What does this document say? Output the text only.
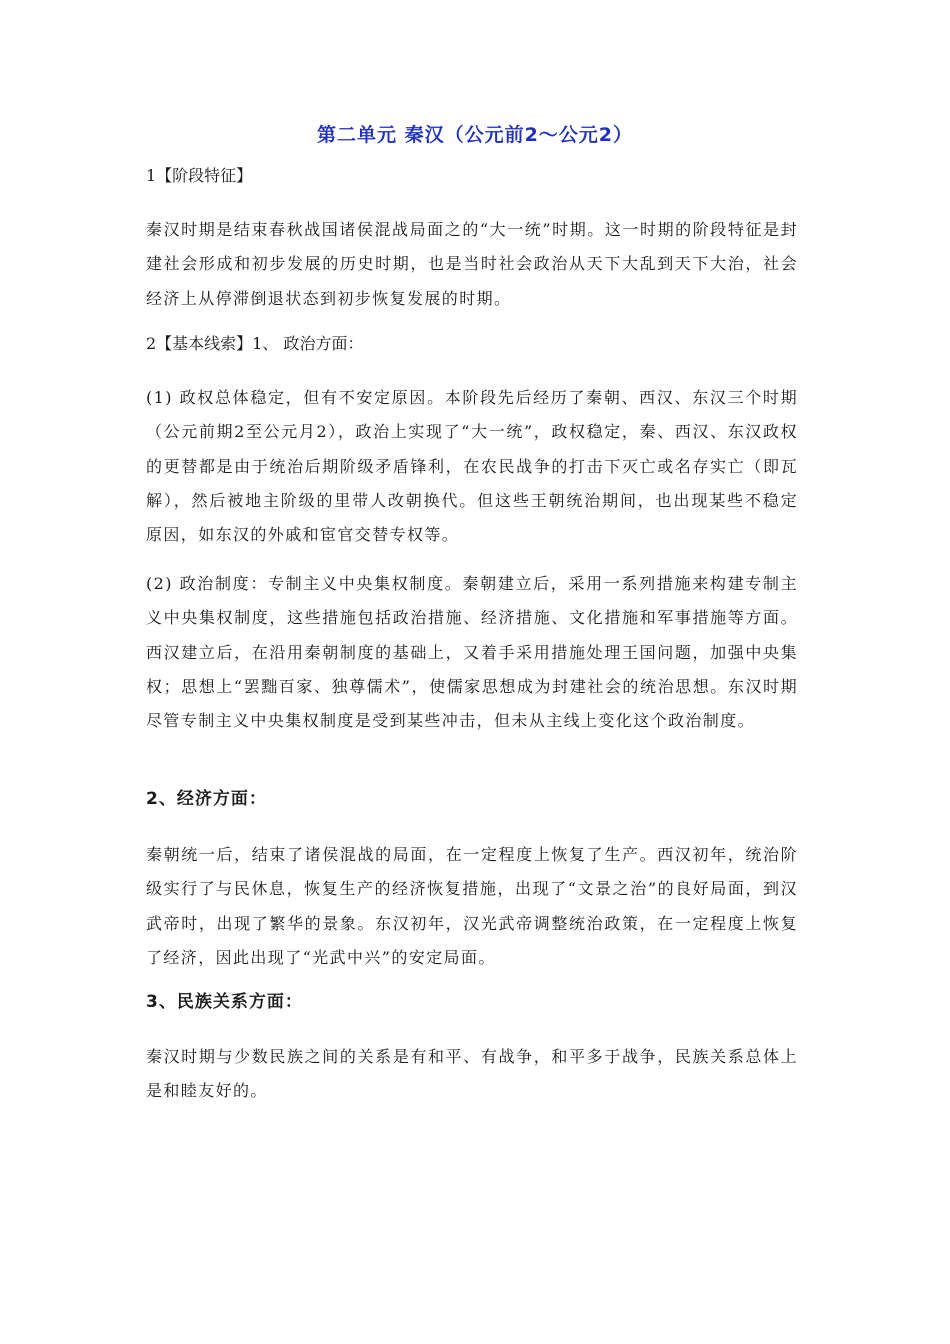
第二单元 秦汉（公元前2～公元2）
1【阶段特征】
秦汉时期是结束春秋战国诸侯混战局面之的“大一统”时期。这一时期的阶段特征是封建社会形成和初步发展的历史时期，也是当时社会政治从天下大乱到天下大治，社会经济上从停滞倒退状态到初步恢复发展的时期。
2【基本线索】1、 政治方面：
(1) 政权总体稳定，但有不安定原因。本阶段先后经历了秦朝、西汉、东汉三个时期（公元前期2至公元月2），政治上实现了“大一统”，政权稳定，秦、西汉、东汉政权的更替都是由于统治后期阶级矛盾锋利，在农民战争的打击下灭亡或名存实亡（即瓦解），然后被地主阶级的里带人改朝换代。但这些王朝统治期间，也出现某些不稳定原因，如东汉的外戚和宦官交替专权等。
(2) 政治制度：专制主义中央集权制度。秦朝建立后，采用一系列措施来构建专制主义中央集权制度，这些措施包括政治措施、经济措施、文化措施和军事措施等方面。西汉建立后，在沿用秦朝制度的基础上，又着手采用措施处理王国问题，加强中央集权；思想上“罢黜百家、独尊儒术”，使儒家思想成为封建社会的统治思想。东汉时期尽管专制主义中央集权制度是受到某些冲击，但未从主线上变化这个政治制度。
2、经济方面：
秦朝统一后，结束了诸侯混战的局面，在一定程度上恢复了生产。西汉初年，统治阶级实行了与民休息，恢复生产的经济恢复措施，出现了“文景之治”的良好局面，到汉武帝时，出现了繁华的景象。东汉初年，汉光武帝调整统治政策，在一定程度上恢复了经济，因此出现了“光武中兴”的安定局面。
3、民族关系方面：
秦汉时期与少数民族之间的关系是有和平、有战争，和平多于战争，民族关系总体上是和睦友好的。
